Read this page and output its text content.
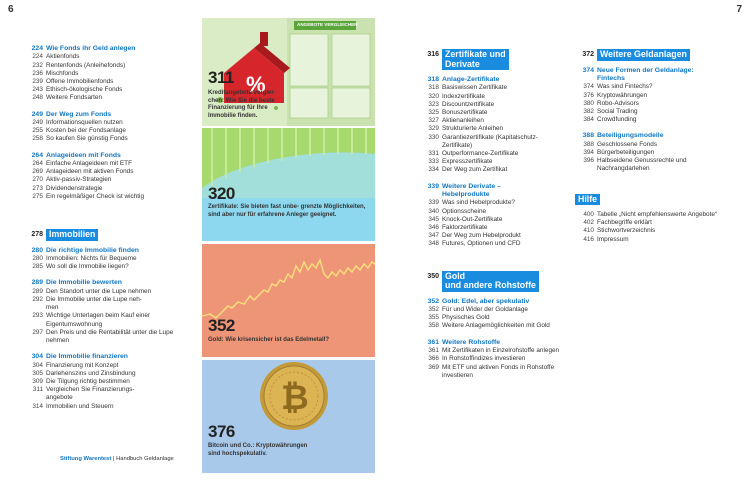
6	7
224 Wie Fonds ihr Geld anlegen
224 Aktienfonds
232 Rentenfonds (Anleihefonds)
236 Mischfonds
239 Offene Immobilienfonds
243 Ethisch-ökologische Fonds
248 Weitere Fondsarten
249 Der Weg zum Fonds
249 Informationsquellen nutzen
255 Kosten bei der Fondsanlage
258 So kaufen Sie günstig Fonds
264 Anlageideen mit Fonds
264 Einfache Anlageideen mit ETF
269 Anlageideen mit aktiven Fonds
270 Aktiv-passiv-Strategien
273 Dividendenstrategie
275 Ein regelmäßiger Check ist wichtig
278 Immobilien
280 Die richtige Immobilie finden
280 Immobilien: Nichts für Bequeme
285 Wo soll die Immobilie liegen?
289 Die Immobilie bewerten
289 Den Standort unter die Lupe nehmen
292 Die Immobilie unter die Lupe neh-
men
293 Wichtige Unterlagen beim Kauf einer Eigentumswohnung
297 Den Preis und die Rentabilität unter die Lupe nehmen
304 Die Immobilie finanzieren
304 Finanzierung mit Konzept
305 Darlehenszins und Zinsbindung
309 Die Tilgung richtig bestimmen
311 Vergleichen Sie Finanzierungs-
angebote
314 Immobilien und Steuern
%
ANGEBOTE VERGLEICHEN
311
Kreditangebote verglei- chen: Wie Sie die beste Finanzierung für Ihre Immobilie finden.
320
Zertifikate: Sie bieten fast unbe- grenzte Möglichkeiten, sind aber nur für erfahrene Anleger geeignet.
352
Gold: Wie krisensicher ist das Edelmetall?
₿
376
Bitcoin und Co.: Kryptowährungen sind hochspekulativ.
316 Zertifikate und
Derivate
318 Anlage-Zertifikate
318 Basiswissen Zertifikate
320 Indexzertifikate
323 Discountzertifikate
325 Bonuszertifikate
327 Aktienanleihen
329 Strukturierte Anleihen
330 Garantiezertifikate (Kapitalschutz-
Zertifikate)
331 Outperformance-Zertifikate
333 Expresszertifikate
334 Der Weg zum Zertifikat
339 Weitere Derivate –
Hebelprodukte
339 Was sind Hebelprodukte?
340 Optionsscheine
345 Knock-Out-Zertifikate
346 Faktorzertifikate
347 Der Weg zum Hebelprodukt
348 Futures, Optionen und CFD
350 Gold
und andere Rohstoffe
352 Gold: Edel, aber spekulativ
352 Für und Wider der Goldanlage
355 Physisches Gold
358 Weitere Anlagemöglichkeiten mit Gold
361 Weitere Rohstoffe
361 Mit Zertifikaten in Einzelrohstoffe anlegen
366 In Rohstoffindizes investieren
369 Mit ETF und aktiven Fonds in Rohstoffe investieren
372 Weitere Geldanlagen
374 Neue Formen der Geldanlage:
Fintechs
374 Was sind Fintechs?
376 Kryptowährungen
380 Robo-Advisors
382 Social Trading
384 Crowdfunding
388 Beteiligungsmodelle
388 Geschlossene Fonds
394 Bürgerbeteiligungen
396 Halbseidene Genussrechte und Nachrangdarlehen
Hilfe
400 Tabelle „Nicht empfehlenswerte Angebote“
402 Fachbegriffe erklärt
410 Stichwortverzeichnis
416 Impressum
Stiftung Warentest | Handbuch Geldanlage
